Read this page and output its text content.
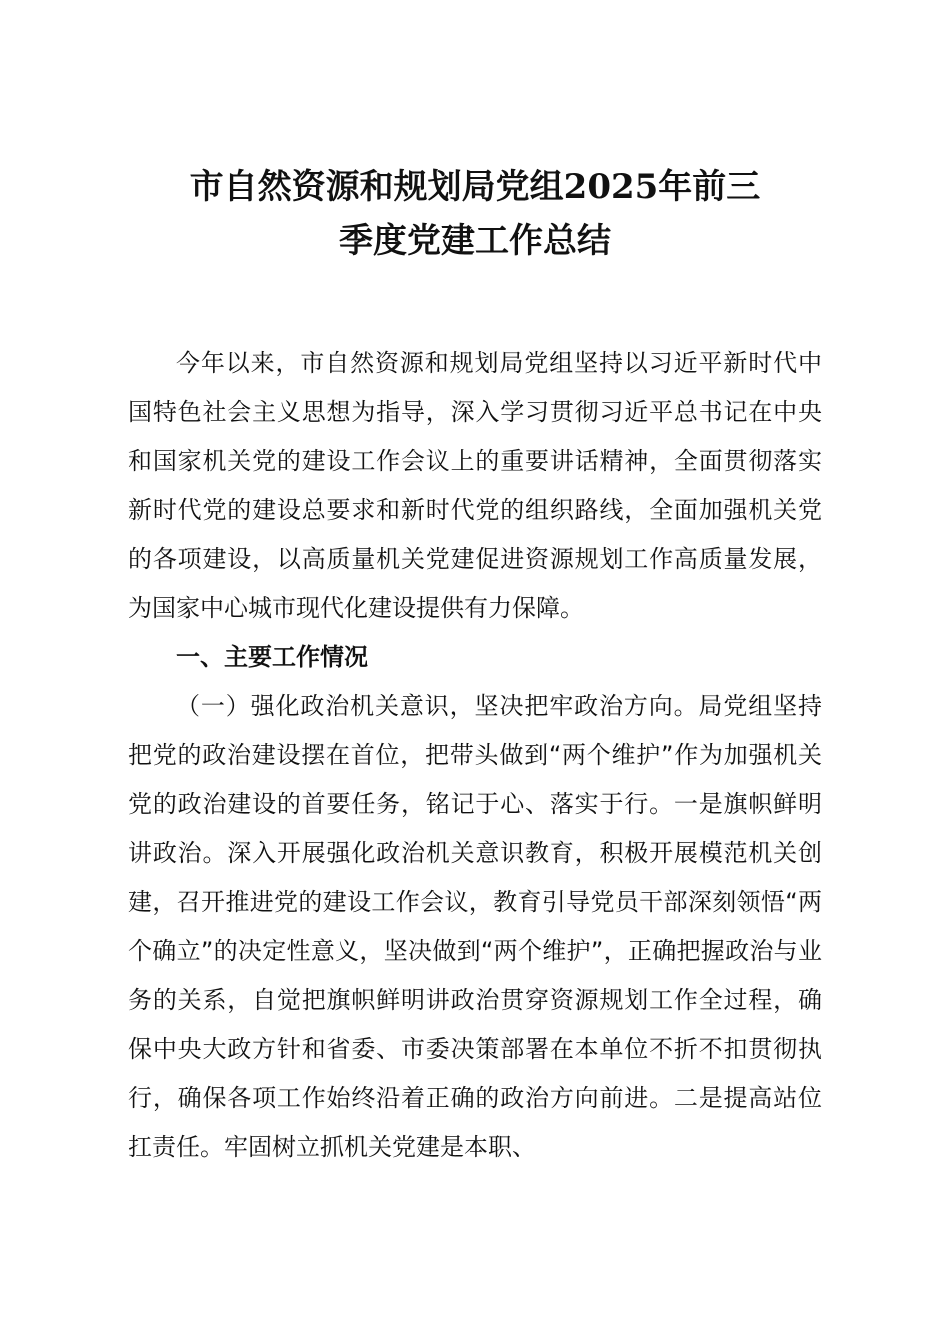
市自然资源和规划局党组2025年前三
季度党建工作总结

今年以来，市自然资源和规划局党组坚持以习近平新时代中国特色社会主义思想为指导，深入学习贯彻习近平总书记在中央和国家机关党的建设工作会议上的重要讲话精神，全面贯彻落实新时代党的建设总要求和新时代党的组织路线，全面加强机关党的各项建设，以高质量机关党建促进资源规划工作高质量发展，为国家中心城市现代化建设提供有力保障。

一、主要工作情况

（一）强化政治机关意识，坚决把牢政治方向。局党组坚持把党的政治建设摆在首位，把带头做到“两个维护”作为加强机关党的政治建设的首要任务，铭记于心、落实于行。一是旗帜鲜明讲政治。深入开展强化政治机关意识教育，积极开展模范机关创建，召开推进党的建设工作会议，教育引导党员干部深刻领悟“两个确立”的决定性意义，坚决做到“两个维护”，正确把握政治与业务的关系，自觉把旗帜鲜明讲政治贯穿资源规划工作全过程，确保中央大政方针和省委、市委决策部署在本单位不折不扣贯彻执行，确保各项工作始终沿着正确的政治方向前进。二是提高站位扛责任。牢固树立抓机关党建是本职、
